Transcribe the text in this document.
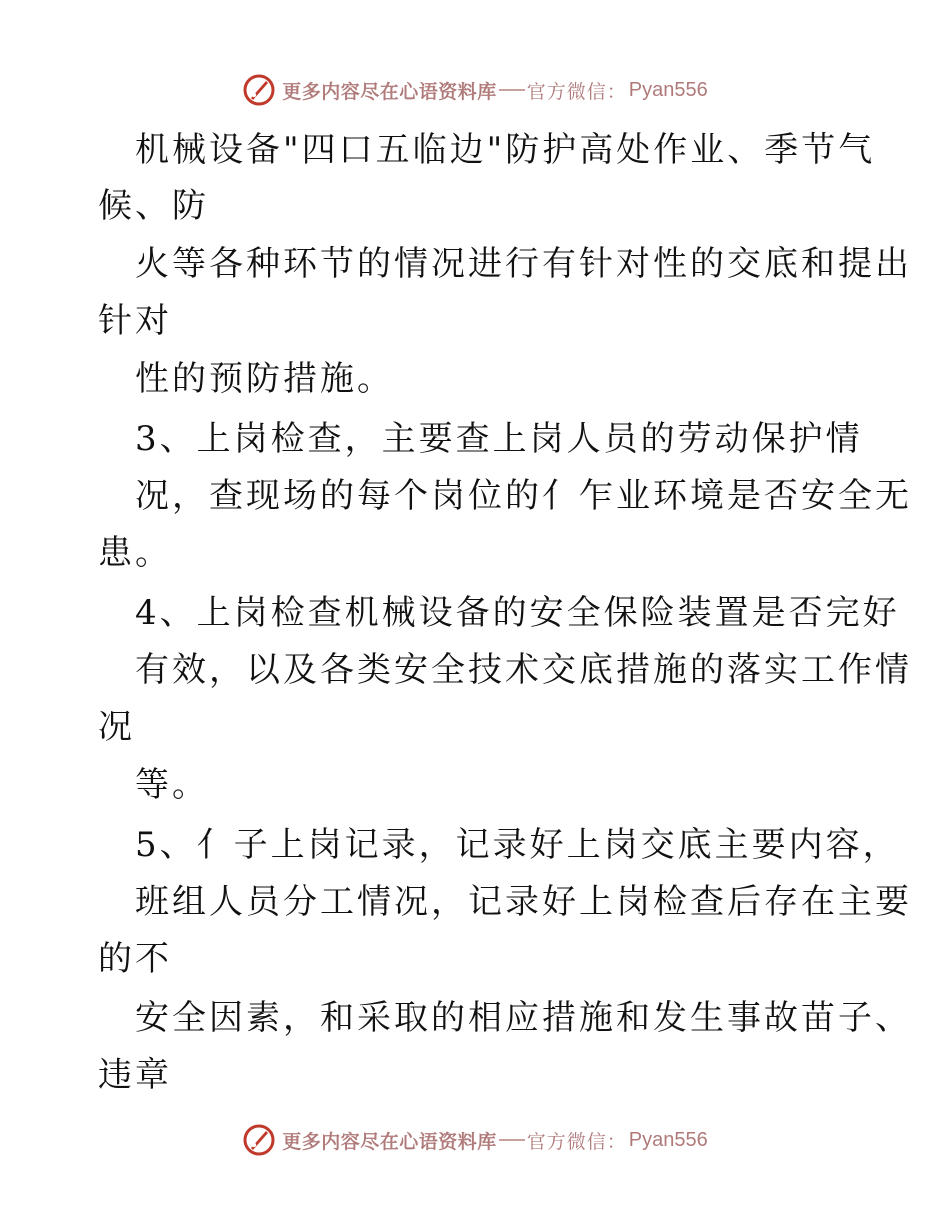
更多内容尽在心语资料库 官方微信： Pyan556
机械设备"四口五临边"防护高处作业、季节气
候、防
火等各种环节的情况进行有针对性的交底和提出
针对
性的预防措施。
3、上岗检查，主要查上岗人员的劳动保护情
况，查现场的每个岗位的亻乍业环境是否安全无
患。
4、上岗检查机械设备的安全保险装置是否完好
有效，以及各类安全技术交底措施的落实工作情
况
等。
5、亻子上岗记录，记录好上岗交底主要内容，
班组人员分工情况，记录好上岗检查后存在主要
的不
安全因素，和采取的相应措施和发生事故苗子、
违章
更多内容尽在心语资料库 官方微信： Pyan556
